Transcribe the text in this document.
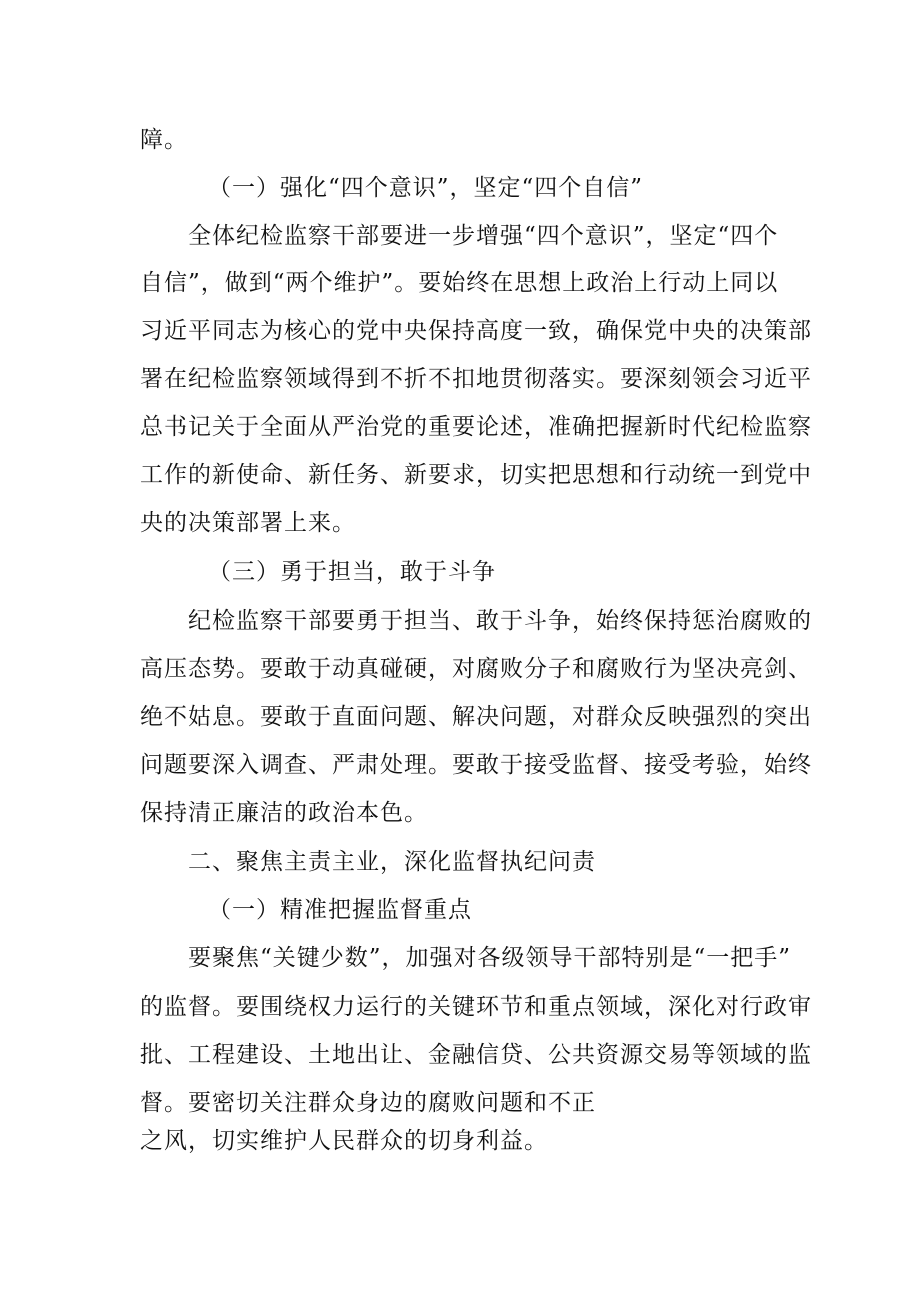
障。
（一）强化“四个意识”，坚定“四个自信”
全体纪检监察干部要进一步增强“四个意识”，坚定“四个
自信”，做到“两个维护”。要始终在思想上政治上行动上同以
习近平同志为核心的党中央保持高度一致，确保党中央的决策部
署在纪检监察领域得到不折不扣地贯彻落实。要深刻领会习近平
总书记关于全面从严治党的重要论述，准确把握新时代纪检监察
工作的新使命、新任务、新要求，切实把思想和行动统一到党中
央的决策部署上来。
（三）勇于担当，敢于斗争
纪检监察干部要勇于担当、敢于斗争，始终保持惩治腐败的
高压态势。要敢于动真碰硬，对腐败分子和腐败行为坚决亮剑、
绝不姑息。要敢于直面问题、解决问题，对群众反映强烈的突出
问题要深入调查、严肃处理。要敢于接受监督、接受考验，始终
保持清正廉洁的政治本色。
二、聚焦主责主业，深化监督执纪问责
（一）精准把握监督重点
要聚焦“关键少数”，加强对各级领导干部特别是“一把手”
的监督。要围绕权力运行的关键环节和重点领域，深化对行政审
批、工程建设、土地出让、金融信贷、公共资源交易等领域的监
督。要密切关注群众身边的腐败问题和不正
之风，切实维护人民群众的切身利益。
